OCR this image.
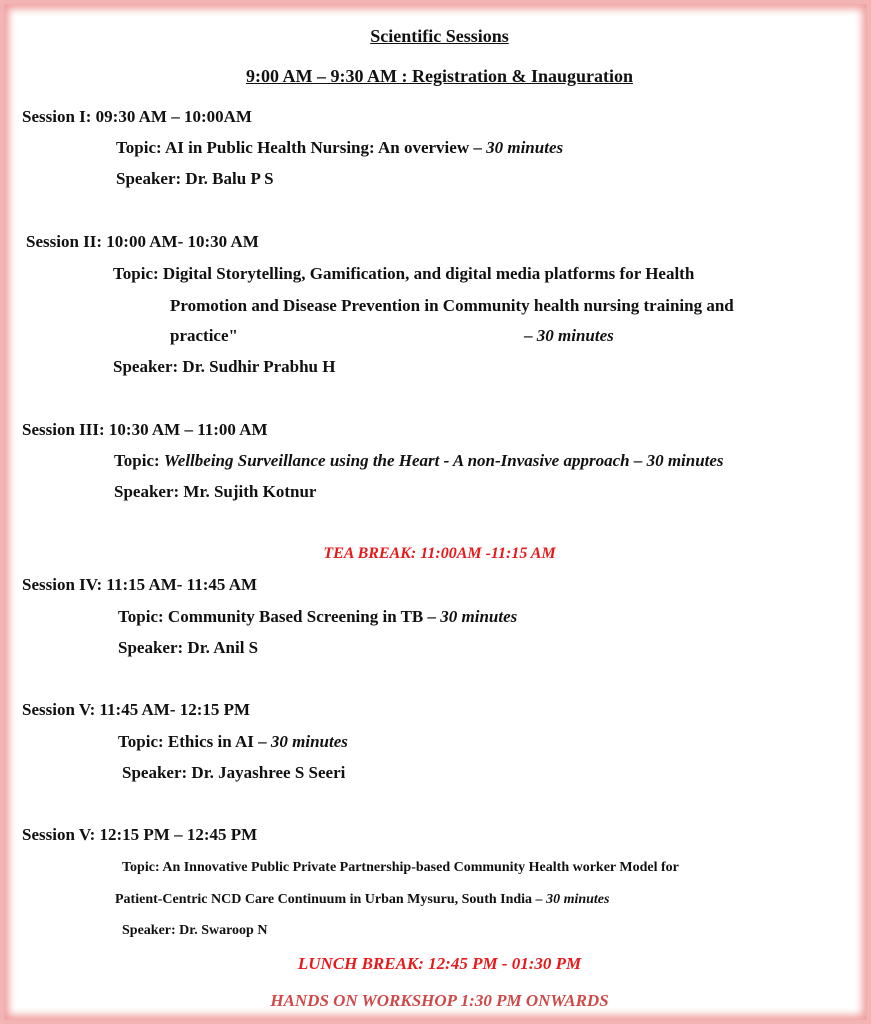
Scientific Sessions
9:00 AM – 9:30 AM : Registration & Inauguration
Session I: 09:30 AM – 10:00AM
Topic: AI in Public Health Nursing: An overview – 30 minutes
Speaker: Dr. Balu P S
Session II: 10:00 AM- 10:30 AM
Topic: Digital Storytelling, Gamification, and digital media platforms for Health
Promotion and Disease Prevention in Community health nursing training and
practice"	– 30 minutes
Speaker: Dr. Sudhir Prabhu H
Session III: 10:30 AM – 11:00 AM
Topic: Wellbeing Surveillance using the Heart - A non-Invasive approach – 30 minutes
Speaker: Mr. Sujith Kotnur
TEA BREAK: 11:00AM -11:15 AM
Session IV: 11:15 AM- 11:45 AM
Topic: Community Based Screening in TB – 30 minutes
Speaker: Dr. Anil S
Session V: 11:45 AM- 12:15 PM
Topic: Ethics in AI – 30 minutes
Speaker: Dr. Jayashree S Seeri
Session V: 12:15 PM – 12:45 PM
Topic: An Innovative Public Private Partnership-based Community Health worker Model for
Patient-Centric NCD Care Continuum in Urban Mysuru, South India – 30 minutes
Speaker: Dr. Swaroop N
LUNCH BREAK: 12:45 PM - 01:30 PM
HANDS ON WORKSHOP 1:30 PM ONWARDS
